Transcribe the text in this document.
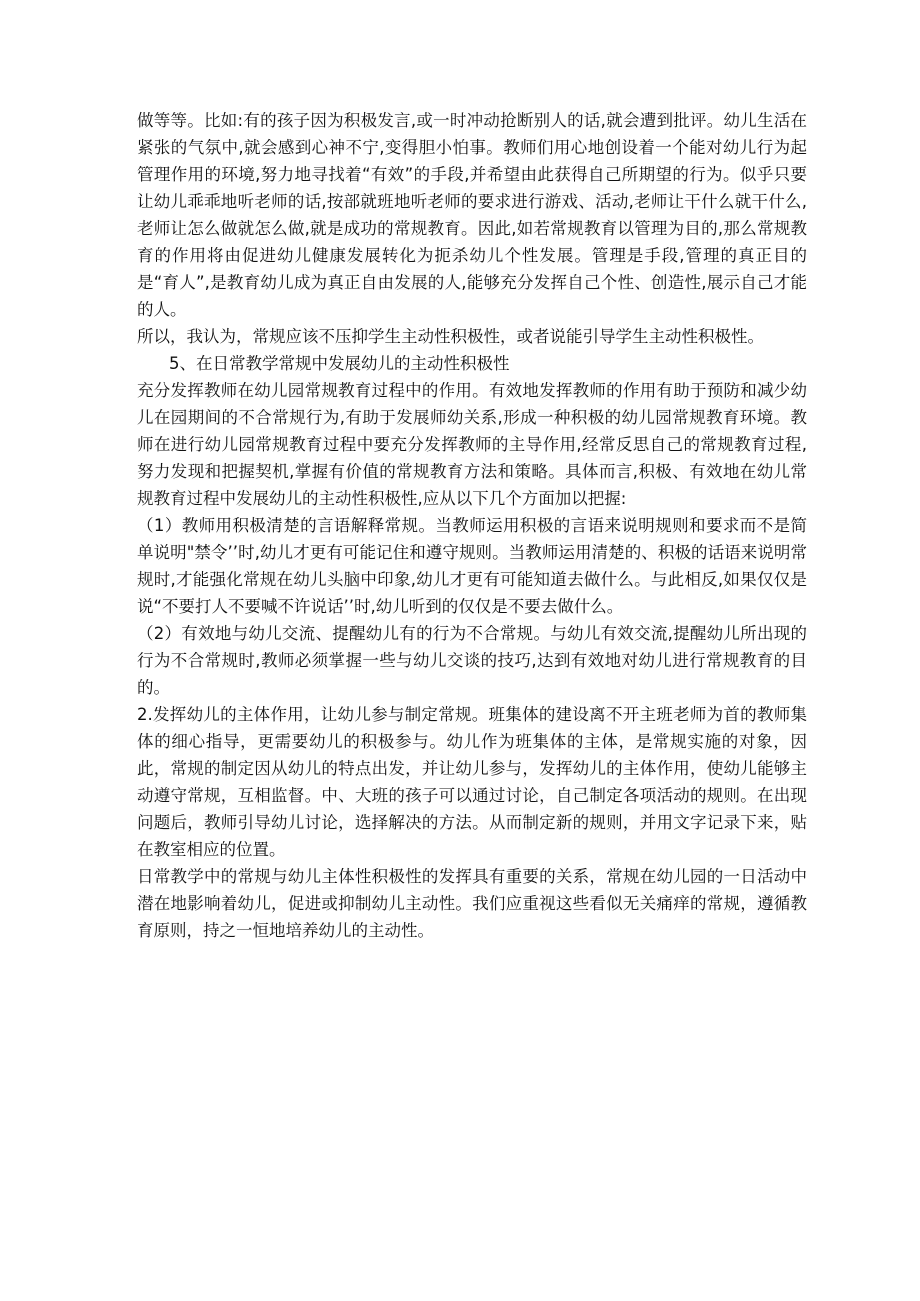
做等等。比如:有的孩子因为积极发言,或一时冲动抢断别人的话,就会遭到批评。幼儿生活在紧张的气氛中,就会感到心神不宁,变得胆小怕事。教师们用心地创设着一个能对幼儿行为起管理作用的环境,努力地寻找着“有效”的手段,并希望由此获得自己所期望的行为。似乎只要让幼儿乖乖地听老师的话,按部就班地听老师的要求进行游戏、活动,老师让干什么就干什么,老师让怎么做就怎么做,就是成功的常规教育。因此,如若常规教育以管理为目的,那么常规教育的作用将由促进幼儿健康发展转化为扼杀幼儿个性发展。管理是手段,管理的真正目的是“育人”,是教育幼儿成为真正自由发展的人,能够充分发挥自己个性、创造性,展示自己才能的人。

所以，我认为，常规应该不压抑学生主动性积极性，或者说能引导学生主动性积极性。

5、在日常教学常规中发展幼儿的主动性积极性

充分发挥教师在幼儿园常规教育过程中的作用。有效地发挥教师的作用有助于预防和减少幼儿在园期间的不合常规行为,有助于发展师幼关系,形成一种积极的幼儿园常规教育环境。教师在进行幼儿园常规教育过程中要充分发挥教师的主导作用,经常反思自己的常规教育过程,努力发现和把握契机,掌握有价值的常规教育方法和策略。具体而言,积极、有效地在幼儿常规教育过程中发展幼儿的主动性积极性,应从以下几个方面加以把握:

（1）教师用积极清楚的言语解释常规。当教师运用积极的言语来说明规则和要求而不是简单说明"禁令’’时,幼儿才更有可能记住和遵守规则。当教师运用清楚的、积极的话语来说明常规时,才能强化常规在幼儿头脑中印象,幼儿才更有可能知道去做什么。与此相反,如果仅仅是说“不要打人不要喊不许说话’’时,幼儿听到的仅仅是不要去做什么。

（2）有效地与幼儿交流、提醒幼儿有的行为不合常规。与幼儿有效交流,提醒幼儿所出现的行为不合常规时,教师必须掌握一些与幼儿交谈的技巧,达到有效地对幼儿进行常规教育的目的。

2.发挥幼儿的主体作用，让幼儿参与制定常规。班集体的建设离不开主班老师为首的教师集体的细心指导，更需要幼儿的积极参与。幼儿作为班集体的主体，是常规实施的对象，因此，常规的制定因从幼儿的特点出发，并让幼儿参与，发挥幼儿的主体作用，使幼儿能够主动遵守常规，互相监督。中、大班的孩子可以通过讨论，自己制定各项活动的规则。在出现问题后，教师引导幼儿讨论，选择解决的方法。从而制定新的规则，并用文字记录下来，贴在教室相应的位置。

日常教学中的常规与幼儿主体性积极性的发挥具有重要的关系，常规在幼儿园的一日活动中潜在地影响着幼儿，促进或抑制幼儿主动性。我们应重视这些看似无关痛痒的常规，遵循教育原则，持之一恒地培养幼儿的主动性。
